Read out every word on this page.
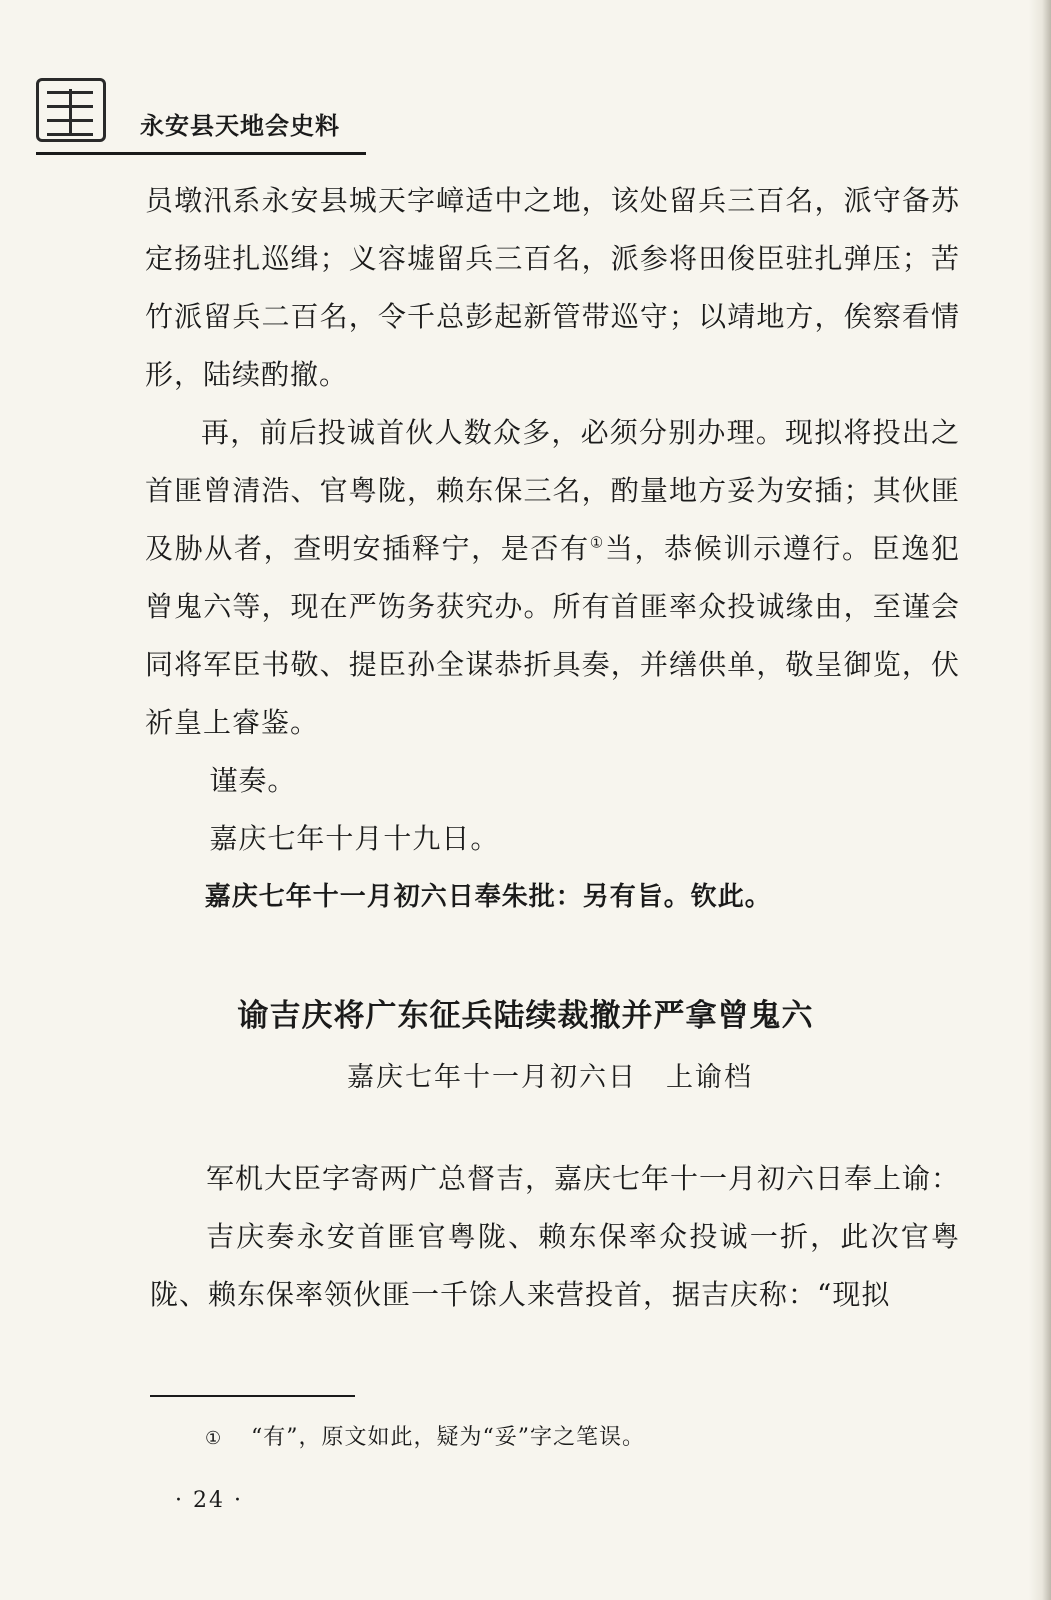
永安县天地会史料

员墩汛系永安县城天字嶂适中之地，该处留兵三百名，派守备苏定扬驻扎巡缉；义容墟留兵三百名，派参将田俊臣驻扎弹压；苦竹派留兵二百名，令千总彭起新管带巡守；以靖地方，俟察看情形，陆续酌撤。

再，前后投诚首伙人数众多，必须分别办理。现拟将投出之首匪曾清浩、官粤陇，赖东保三名，酌量地方妥为安插；其伙匪及胁从者，查明安插释宁，是否有①当，恭候训示遵行。臣逸犯曾鬼六等，现在严饬务获究办。所有首匪率众投诚缘由，至谨会同将军臣书敬、提臣孙全谋恭折具奏，并缮供单，敬呈御览，伏祈皇上睿鉴。

谨奏。

嘉庆七年十月十九日。

嘉庆七年十一月初六日奉朱批：另有旨。钦此。

谕吉庆将广东征兵陆续裁撤并严拿曾鬼六
嘉庆七年十一月初六日　上谕档

军机大臣字寄两广总督吉，嘉庆七年十一月初六日奉上谕：

吉庆奏永安首匪官粤陇、赖东保率众投诚一折，此次官粤陇、赖东保率领伙匪一千馀人来营投首，据吉庆称：“现拟

① “有”，原文如此，疑为“妥”字之笔误。
· 24 ·
